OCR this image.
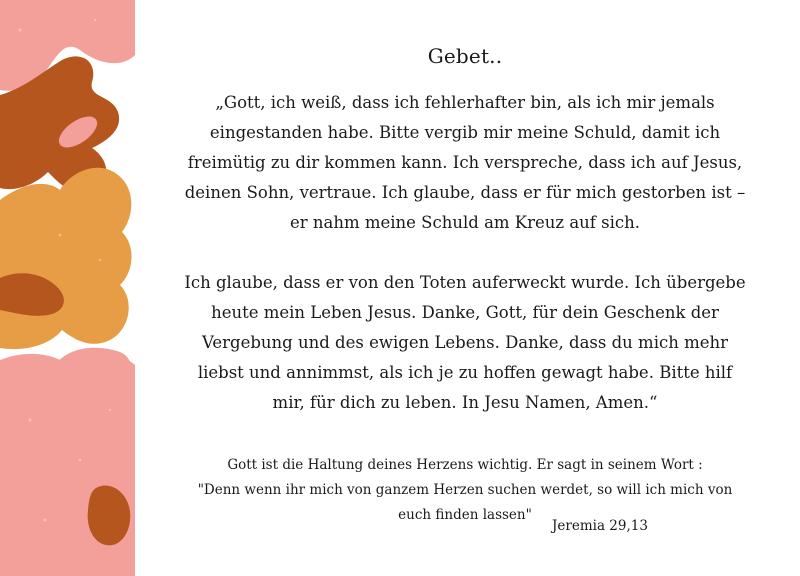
Gebet..
„Gott, ich weiß, dass ich fehlerhafter bin, als ich mir jemals
eingestanden habe. Bitte vergib mir meine Schuld, damit ich
freimütig zu dir kommen kann. Ich verspreche, dass ich auf Jesus,
deinen Sohn, vertraue. Ich glaube, dass er für mich gestorben ist –
er nahm meine Schuld am Kreuz auf sich.
Ich glaube, dass er von den Toten auferweckt wurde. Ich übergebe
heute mein Leben Jesus. Danke, Gott, für dein Geschenk der
Vergebung und des ewigen Lebens. Danke, dass du mich mehr
liebst und annimmst, als ich je zu hoffen gewagt habe. Bitte hilf
mir, für dich zu leben. In Jesu Namen, Amen.“
Gott ist die Haltung deines Herzens wichtig. Er sagt in seinem Wort :
"Denn wenn ihr mich von ganzem Herzen suchen werdet, so will ich mich von
euch finden lassen"
Jeremia 29,13
